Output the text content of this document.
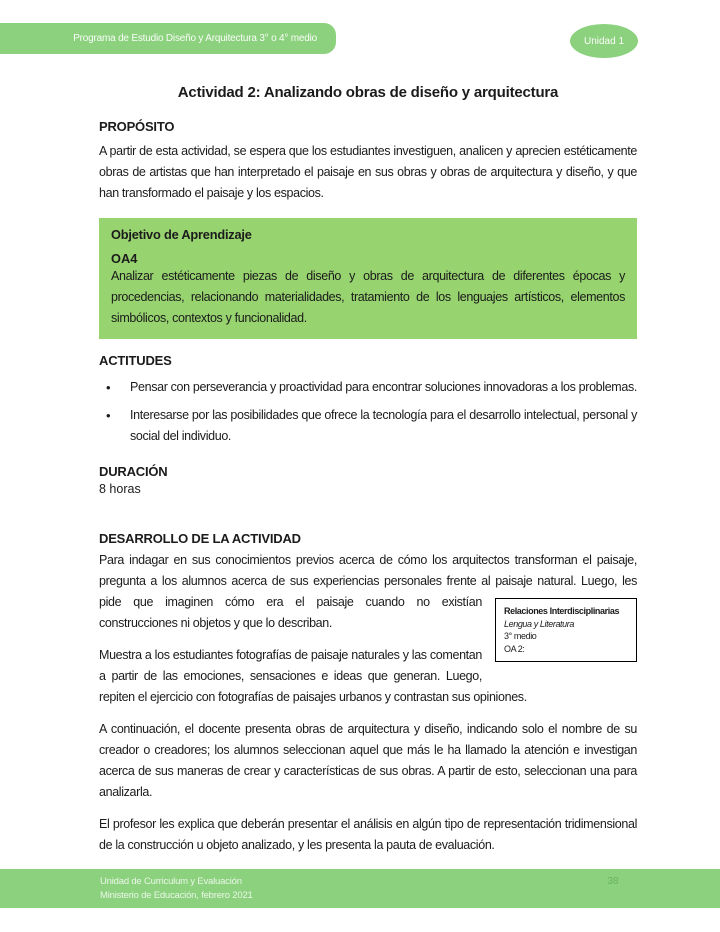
Programa de Estudio Diseño y Arquitectura 3° o 4° medio	Unidad 1
Actividad 2: Analizando obras de diseño y arquitectura
PROPÓSITO

A partir de esta actividad, se espera que los estudiantes investiguen, analicen y aprecien estéticamente obras de artistas que han interpretado el paisaje en sus obras y obras de arquitectura y diseño, y que han transformado el paisaje y los espacios.

Objetivo de Aprendizaje

OA4

Analizar estéticamente piezas de diseño y obras de arquitectura de diferentes épocas y procedencias, relacionando materialidades, tratamiento de los lenguajes artísticos, elementos simbólicos, contextos y funcionalidad.

ACTITUDES
• Pensar con perseverancia y proactividad para encontrar soluciones innovadoras a los problemas.
• Interesarse por las posibilidades que ofrece la tecnología para el desarrollo intelectual, personal y social del individuo.
DURACIÓN

8 horas

DESARROLLO DE LA ACTIVIDAD
Relaciones Interdisciplinarias
Lengua y Literatura
3° medio
OA 2:

Para indagar en sus conocimientos previos acerca de cómo los arquitectos transforman el paisaje, pregunta a los alumnos acerca de sus experiencias personales frente al paisaje natural. Luego, les pide que imaginen cómo era el paisaje cuando no existían construcciones ni objetos y que lo describan.

Muestra a los estudiantes fotografías de paisaje naturales y las comentan a partir de las emociones, sensaciones e ideas que generan. Luego, repiten el ejercicio con fotografías de paisajes urbanos y contrastan sus opiniones.

A continuación, el docente presenta obras de arquitectura y diseño, indicando solo el nombre de su creador o creadores; los alumnos seleccionan aquel que más le ha llamado la atención e investigan acerca de sus maneras de crear y características de sus obras. A partir de esto, seleccionan una para analizarla.

El profesor les explica que deberán presentar el análisis en algún tipo de representación tridimensional de la construcción u objeto analizado, y les presenta la pauta de evaluación.

Unidad de Curriculum y Evaluación
Ministerio de Educación, febrero 2021
38
